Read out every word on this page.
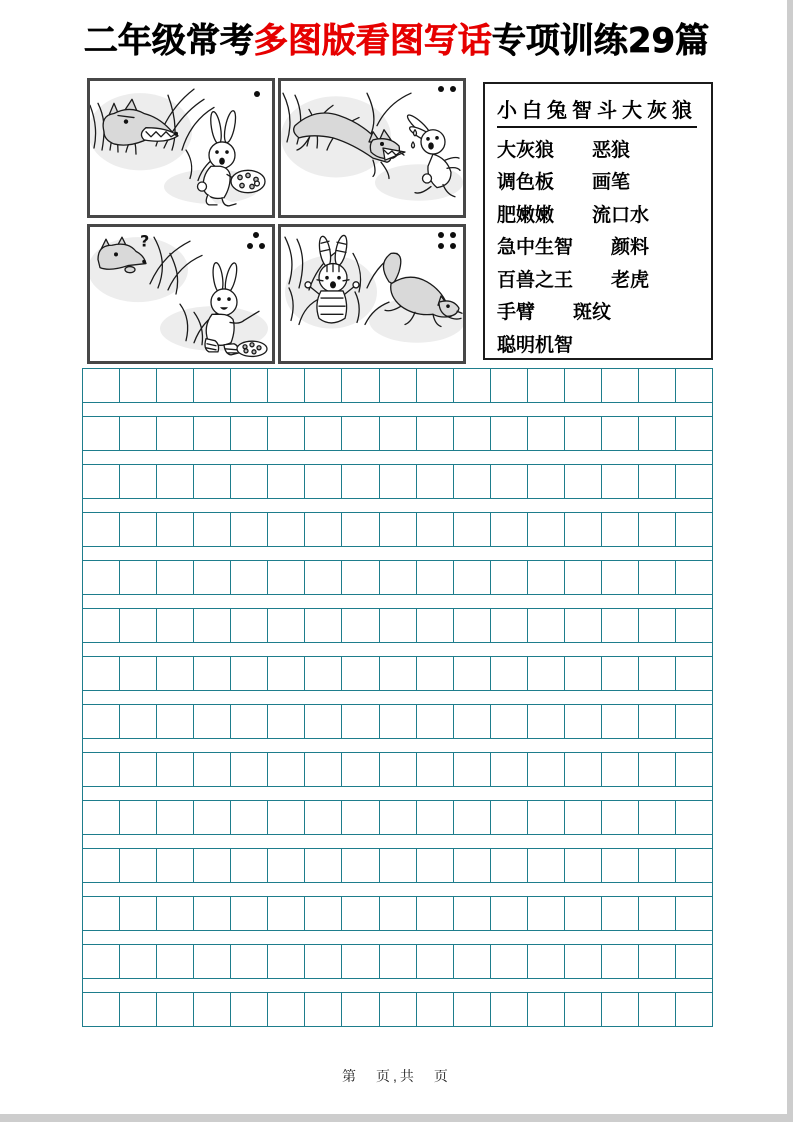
二年级常考多图版看图写话专项训练29篇
?
小白兔智斗大灰狼
大灰狼　　恶狼
调色板　　画笔
肥嫩嫩　　流口水
急中生智　　颜料
百兽之王　　老虎
手臂　　斑纹
聪明机智
第　页,共　页
